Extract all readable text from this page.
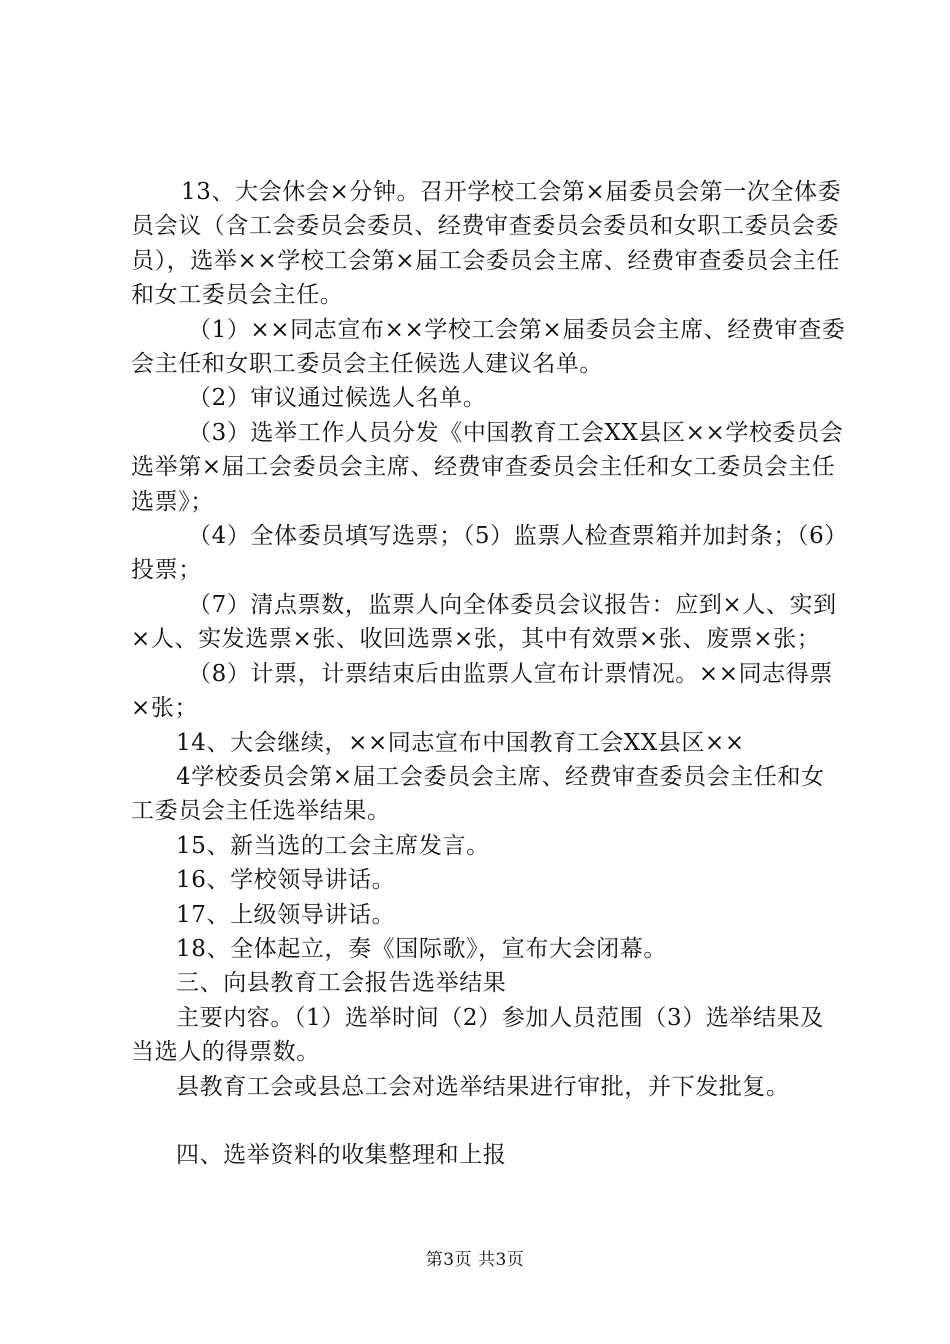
13、大会休会×分钟。召开学校工会第×届委员会第一次全体委员会议（含工会委员会委员、经费审查委员会委员和女职工委员会委员），选举××学校工会第×届工会委员会主席、经费审查委员会主任和女工委员会主任。

（1）××同志宣布××学校工会第×届委员会主席、经费审查委会主任和女职工委员会主任候选人建议名单。

（2）审议通过候选人名单。

（3）选举工作人员分发《中国教育工会XX县区××学校委员会选举第×届工会委员会主席、经费审查委员会主任和女工委员会主任选票》；

（4）全体委员填写选票；（5）监票人检查票箱并加封条；（6）投票；

（7）清点票数，监票人向全体委员会议报告：应到×人、实到×人、实发选票×张、收回选票×张，其中有效票×张、废票×张；

（8）计票，计票结束后由监票人宣布计票情况。××同志得票×张；

14、大会继续，××同志宣布中国教育工会XX县区××

4学校委员会第×届工会委员会主席、经费审查委员会主任和女工委员会主任选举结果。

15、新当选的工会主席发言。

16、学校领导讲话。

17、上级领导讲话。

18、全体起立，奏《国际歌》，宣布大会闭幕。

三、向县教育工会报告选举结果

主要内容。（1）选举时间（2）参加人员范围（3）选举结果及当选人的得票数。

县教育工会或县总工会对选举结果进行审批，并下发批复。

四、选举资料的收集整理和上报

第3页 共3页
